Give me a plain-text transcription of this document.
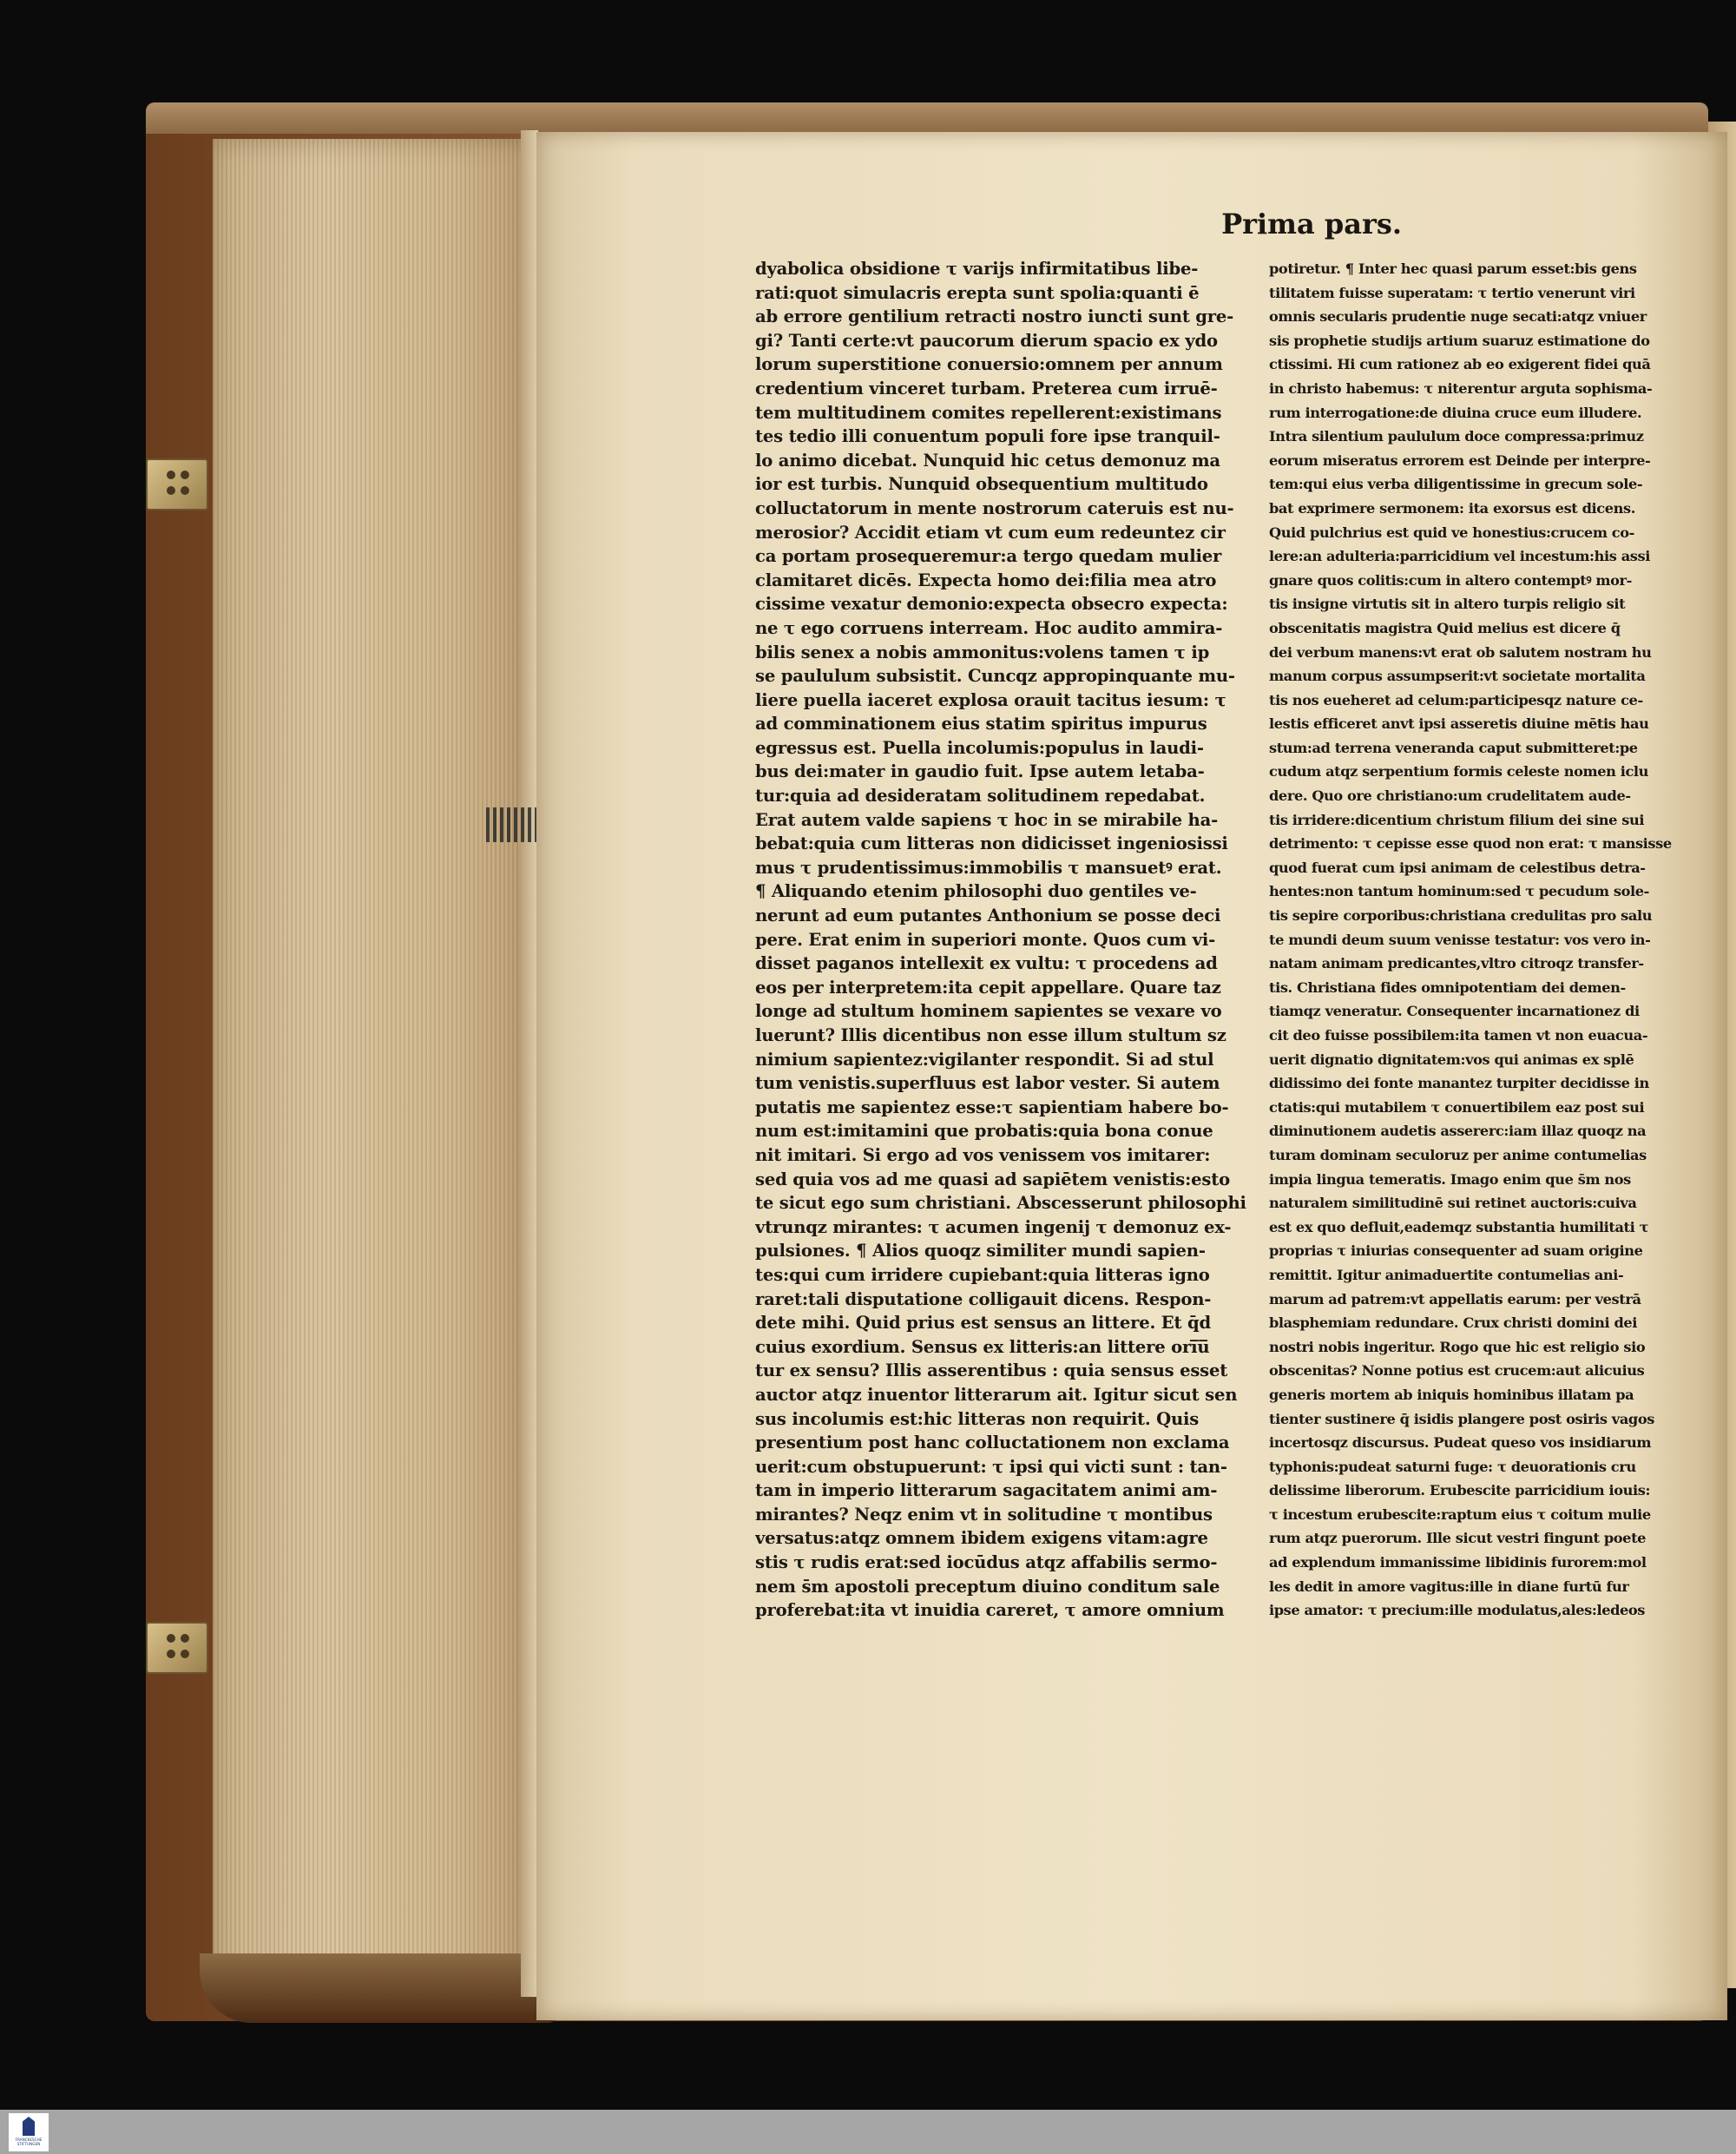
Prima pars.
dyabolica obsidione τ varijs infirmitatibus libe-
rati:quot simulacris erepta sunt spolia:quanti ē
ab errore gentilium retracti nostro iuncti sunt gre-
gi? Tanti certe:vt paucorum dierum spacio ex ydo
lorum superstitione conuersio:omnem per annum
credentium vinceret turbam. Preterea cum irruē-
tem multitudinem comites repellerent:existimans
tes tedio illi conuentum populi fore ipse tranquil-
lo animo dicebat. Nunquid hic cetus demonuz ma
ior est turbis. Nunquid obsequentium multitudo
colluctatorum in mente nostrorum cateruis est nu-
merosior? Accidit etiam vt cum eum redeuntez cir
ca portam prosequeremur:a tergo quedam mulier
clamitaret dicēs. Expecta homo dei:filia mea atro
cissime vexatur demonio:expecta obsecro expecta:
ne τ ego corruens interream. Hoc audito ammira-
bilis senex a nobis ammonitus:volens tamen τ ip
se paululum subsistit. Cuncqz appropinquante mu-
liere puella iaceret explosa orauit tacitus iesum: τ
ad comminationem eius statim spiritus impurus
egressus est. Puella incolumis:populus in laudi-
bus dei:mater in gaudio fuit. Ipse autem letaba-
tur:quia ad desideratam solitudinem repedabat.
Erat autem valde sapiens τ hoc in se mirabile ha-
bebat:quia cum litteras non didicisset ingeniosissi
mus τ prudentissimus:immobilis τ mansuetꝰ erat.
¶ Aliquando etenim philosophi duo gentiles ve-
nerunt ad eum putantes Anthonium se posse deci
pere. Erat enim in superiori monte. Quos cum vi-
disset paganos intellexit ex vultu: τ procedens ad
eos per interpretem:ita cepit appellare. Quare taz
longe ad stultum hominem sapientes se vexare vo
luerunt? Illis dicentibus non esse illum stultum sz
nimium sapientez:vigilanter respondit. Si ad stul
tum venistis.superfluus est labor vester. Si autem
putatis me sapientez esse:τ sapientiam habere bo-
num est:imitamini que probatis:quia bona conue
nit imitari. Si ergo ad vos venissem vos imitarer:
sed quia vos ad me quasi ad sapiētem venistis:esto
te sicut ego sum christiani. Abscesserunt philosophi
vtrunqz mirantes: τ acumen ingenij τ demonuz ex-
pulsiones. ¶ Alios quoqz similiter mundi sapien-
tes:qui cum irridere cupiebant:quia litteras igno
raret:tali disputatione colligauit dicens. Respon-
dete mihi. Quid prius est sensus an littere. Et q̄d
cuius exordium. Sensus ex litteris:an littere ori̅u̅
tur ex sensu? Illis asserentibus : quia sensus esset
auctor atqz inuentor litterarum ait. Igitur sicut sen
sus incolumis est:hic litteras non requirit. Quis
presentium post hanc colluctationem non exclama
uerit:cum obstupuerunt: τ ipsi qui victi sunt : tan-
tam in imperio litterarum sagacitatem animi am-
mirantes? Neqz enim vt in solitudine τ montibus
versatus:atqz omnem ibidem exigens vitam:agre
stis τ rudis erat:sed iocūdus atqz affabilis sermo-
nem s̄m apostoli preceptum diuino conditum sale
proferebat:ita vt inuidia careret, τ amore omnium
potiretur. ¶ Inter hec quasi parum esset:bis gens
tilitatem fuisse superatam: τ tertio venerunt viri
omnis secularis prudentie nuge secati:atqz vniuer
sis prophetie studijs artium suaruz estimatione do
ctissimi. Hi cum rationez ab eo exigerent fidei quā
in christo habemus: τ niterentur arguta sophisma-
rum interrogatione:de diuina cruce eum illudere.
Intra silentium paululum doce compressa:primuz
eorum miseratus errorem est Deinde per interpre-
tem:qui eius verba diligentissime in grecum sole-
bat exprimere sermonem: ita exorsus est dicens.
Quid pulchrius est quid ve honestius:crucem co-
lere:an adulteria:parricidium vel incestum:his assi
gnare quos colitis:cum in altero contemptꝰ mor-
tis insigne virtutis sit in altero turpis religio sit
obscenitatis magistra Quid melius est dicere q̄
dei verbum manens:vt erat ob salutem nostram hu
manum corpus assumpserit:vt societate mortalita
tis nos eueheret ad celum:participesqz nature ce-
lestis efficeret anvt ipsi asseretis diuine mētis hau
stum:ad terrena veneranda caput submitteret:pe
cudum atqz serpentium formis celeste nomen iclu
dere. Quo ore christiano:um crudelitatem aude-
tis irridere:dicentium christum filium dei sine sui
detrimento: τ cepisse esse quod non erat: τ mansisse
quod fuerat cum ipsi animam de celestibus detra-
hentes:non tantum hominum:sed τ pecudum sole-
tis sepire corporibus:christiana credulitas pro salu
te mundi deum suum venisse testatur: vos vero in-
natam animam predicantes,vltro citroqz transfer-
tis. Christiana fides omnipotentiam dei demen-
tiamqz veneratur. Consequenter incarnationez di
cit deo fuisse possibilem:ita tamen vt non euacua-
uerit dignatio dignitatem:vos qui animas ex splē
didissimo dei fonte manantez turpiter decidisse in
ctatis:qui mutabilem τ conuertibilem eaz post sui
diminutionem audetis assererc:iam illaz quoqz na
turam dominam seculoruz per anime contumelias
impia lingua temeratis. Imago enim que s̄m nos
naturalem similitudinē sui retinet auctoris:cuiva
est ex quo defluit,eademqz substantia humilitati τ
proprias τ iniurias consequenter ad suam origine
remittit. Igitur animaduertite contumelias ani-
marum ad patrem:vt appellatis earum: per vestrā
blasphemiam redundare. Crux christi domini dei
nostri nobis ingeritur. Rogo que hic est religio sio
obscenitas? Nonne potius est crucem:aut alicuius
generis mortem ab iniquis hominibus illatam pa
tienter sustinere q̄ isidis plangere post osiris vagos
incertosqz discursus. Pudeat queso vos insidiarum
typhonis:pudeat saturni fuge: τ deuorationis cru
delissime liberorum. Erubescite parricidium iouis:
τ incestum erubescite:raptum eius τ coitum mulie
rum atqz puerorum. Ille sicut vestri fingunt poete
ad explendum immanissime libidinis furorem:mol
les dedit in amore vagitus:ille in diane furtū fur
ipse amator: τ precium:ille modulatus,ales:ledeos
FRANCKESCHE STIFTUNGEN
